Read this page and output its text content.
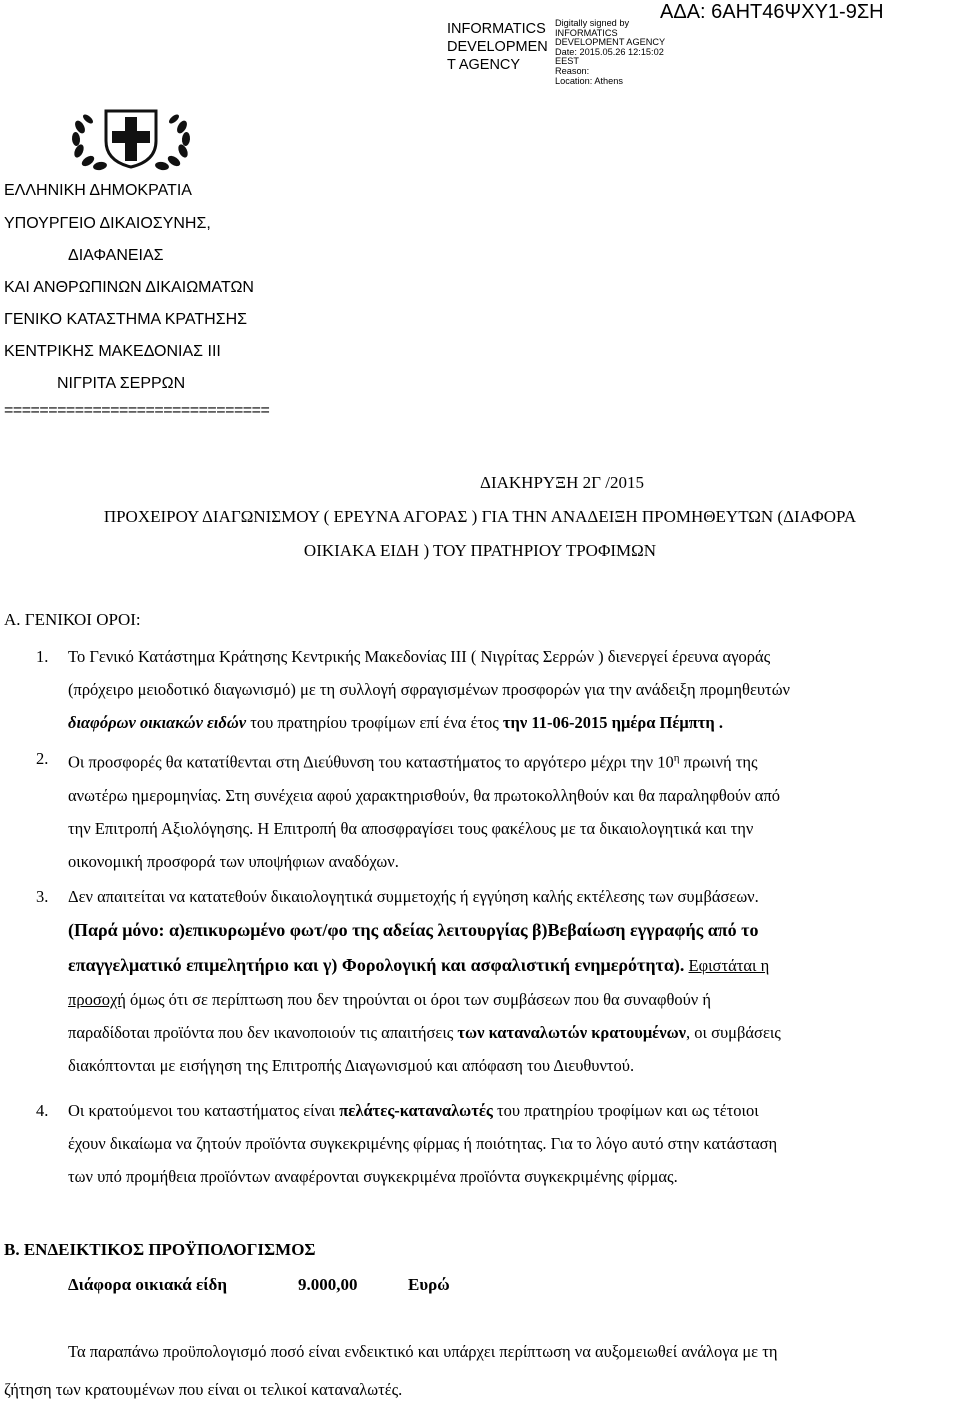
INFORMATICS
DEVELOPMEN
T AGENCY
Digitally signed by
INFORMATICS
DEVELOPMENT AGENCY
Date: 2015.05.26 12:15:02
EEST
Reason:
Location: Athens
ΑΔΑ: 6ΑΗΤ46ΨΧΥ1-9ΣΗ
ΕΛΛΗΝΙΚΗ ΔΗΜΟΚΡΑΤΙΑ
ΥΠΟΥΡΓΕΙΟ ΔΙΚΑΙΟΣΥΝΗΣ,
ΔΙΑΦΑΝΕΙΑΣ
ΚΑΙ ΑΝΘΡΩΠΙΝΩΝ ΔΙΚΑΙΩΜΑΤΩΝ
ΓΕΝΙΚΟ ΚΑΤΑΣΤΗΜΑ ΚΡΑΤΗΣΗΣ
ΚΕΝΤΡΙΚΗΣ ΜΑΚΕΔΟΝΙΑΣ ΙΙΙ
ΝΙΓΡΙΤΑ ΣΕΡΡΩΝ
==============================
ΔΙΑΚΗΡΥΞΗ 2Γ /2015
ΠΡΟΧΕΙΡΟΥ ΔΙΑΓΩΝΙΣΜΟΥ ( ΕΡΕΥΝΑ ΑΓΟΡΑΣ ) ΓΙΑ ΤΗΝ ΑΝΑΔΕΙΞΗ ΠΡΟΜΗΘΕΥΤΩΝ (ΔΙΑΦΟΡΑ
ΟΙΚΙΑΚΑ ΕΙΔΗ ) ΤΟΥ ΠΡΑΤΗΡΙΟΥ ΤΡΟΦΙΜΩΝ
Α. ΓΕΝΙΚΟΙ ΟΡΟΙ:
1. Το Γενικό Κατάστημα Κράτησης Κεντρικής Μακεδονίας ΙΙΙ ( Νιγρίτας Σερρών ) διενεργεί έρευνα αγοράς
(πρόχειρο μειοδοτικό διαγωνισμό) με τη συλλογή σφραγισμένων προσφορών για την ανάδειξη προμηθευτών
διαφόρων οικιακών ειδών του πρατηρίου τροφίμων επί ένα έτος την 11-06-2015 ημέρα Πέμπτη .
2. Οι προσφορές θα κατατίθενται στη Διεύθυνση του καταστήματος το αργότερο μέχρι την $10^\eta$ πρωινή της
ανωτέρω ημερομηνίας. Στη συνέχεια αφού χαρακτηρισθούν, θα πρωτοκολληθούν και θα παραληφθούν από
την Επιτροπή Αξιολόγησης. Η Επιτροπή θα αποσφραγίσει τους φακέλους με τα δικαιολογητικά και την
οικονομική προσφορά των υποψήφιων αναδόχων.
3. Δεν απαιτείται να κατατεθούν δικαιολογητικά συμμετοχής ή εγγύηση καλής εκτέλεσης των συμβάσεων.
(Παρά μόνο: α)επικυρωμένο φωτ/φο της αδείας λειτουργίας β)Βεβαίωση εγγραφής από το
επαγγελματικό επιμελητήριο και γ) Φορολογική και ασφαλιστική ενημερότητα). Εφιστάται η
προσοχή όμως ότι σε περίπτωση που δεν τηρούνται οι όροι των συμβάσεων που θα συναφθούν ή
παραδίδοται προϊόντα που δεν ικανοποιούν τις απαιτήσεις των καταναλωτών κρατουμένων, οι συμβάσεις
διακόπτονται με εισήγηση της Επιτροπής Διαγωνισμού και απόφαση του Διευθυντού.
4. Οι κρατούμενοι του καταστήματος είναι πελάτες-καταναλωτές του πρατηρίου τροφίμων και ως τέτοιοι
έχουν δικαίωμα να ζητούν προϊόντα συγκεκριμένης φίρμας ή ποιότητας. Για το λόγο αυτό στην κατάσταση
των υπό προμήθεια προϊόντων αναφέρονται συγκεκριμένα προϊόντα συγκεκριμένης φίρμας.
Β. ΕΝΔΕΙΚΤΙΚΟΣ ΠΡΟΫΠΟΛΟΓΙΣΜΟΣ
Διάφορα οικιακά είδη	9.000,00	Ευρώ
Τα παραπάνω προϋπολογισμό ποσό είναι ενδεικτικό και υπάρχει περίπτωση να αυξομειωθεί ανάλογα με τη
ζήτηση των κρατουμένων που είναι οι τελικοί καταναλωτές.
